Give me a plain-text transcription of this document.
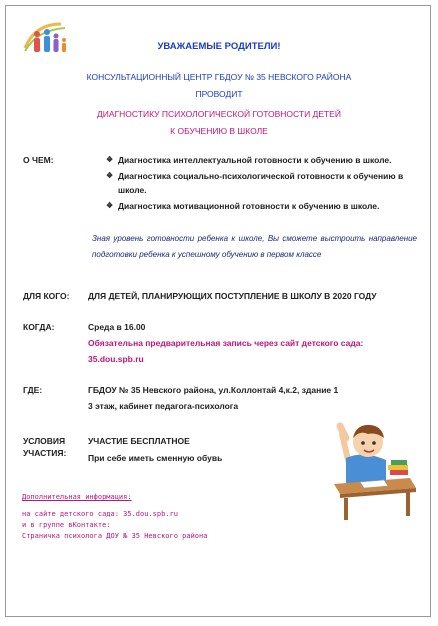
УВАЖАЕМЫЕ РОДИТЕЛИ!
КОНСУЛЬТАЦИОННЫЙ ЦЕНТР ГБДОУ № 35 НЕВСКОГО РАЙОНА
ПРОВОДИТ
ДИАГНОСТИКУ ПСИХОЛОГИЧЕСКОЙ ГОТОВНОСТИ ДЕТЕЙ
К ОБУЧЕНИЮ В ШКОЛЕ
О ЧЕМ:	❖ Диагностика интеллектуальной готовности к обучению в школе.
❖ Диагностика социально-психологической готовности к обучению в школе.
❖ Диагностика мотивационной готовности к обучению в школе.
Зная уровень готовности ребенка к школе, Вы сможете выстроить направление подготовки ребенка к успешному обучению в первом классе
ДЛЯ КОГО: ДЛЯ ДЕТЕЙ, ПЛАНИРУЮЩИХ ПОСТУПЛЕНИЕ В ШКОЛУ В 2020 ГОДУ
КОГДА:	Среда в 16.00
Обязательна предварительная запись через сайт детского сада:
35.dou.spb.ru
ГДЕ:	ГБДОУ № 35 Невского района, ул.Коллонтай 4,к.2, здание 1
3 этаж, кабинет педагога-психолога
УСЛОВИЯ
УЧАСТИЯ:
УЧАСТИЕ БЕСПЛАТНОЕ
При себе иметь сменную обувь
Дополнительная информация:
на сайте детского сада: 35.dou.spb.ru
и в группе вКонтакте:
Страничка психолога ДОУ № 35 Невского района
